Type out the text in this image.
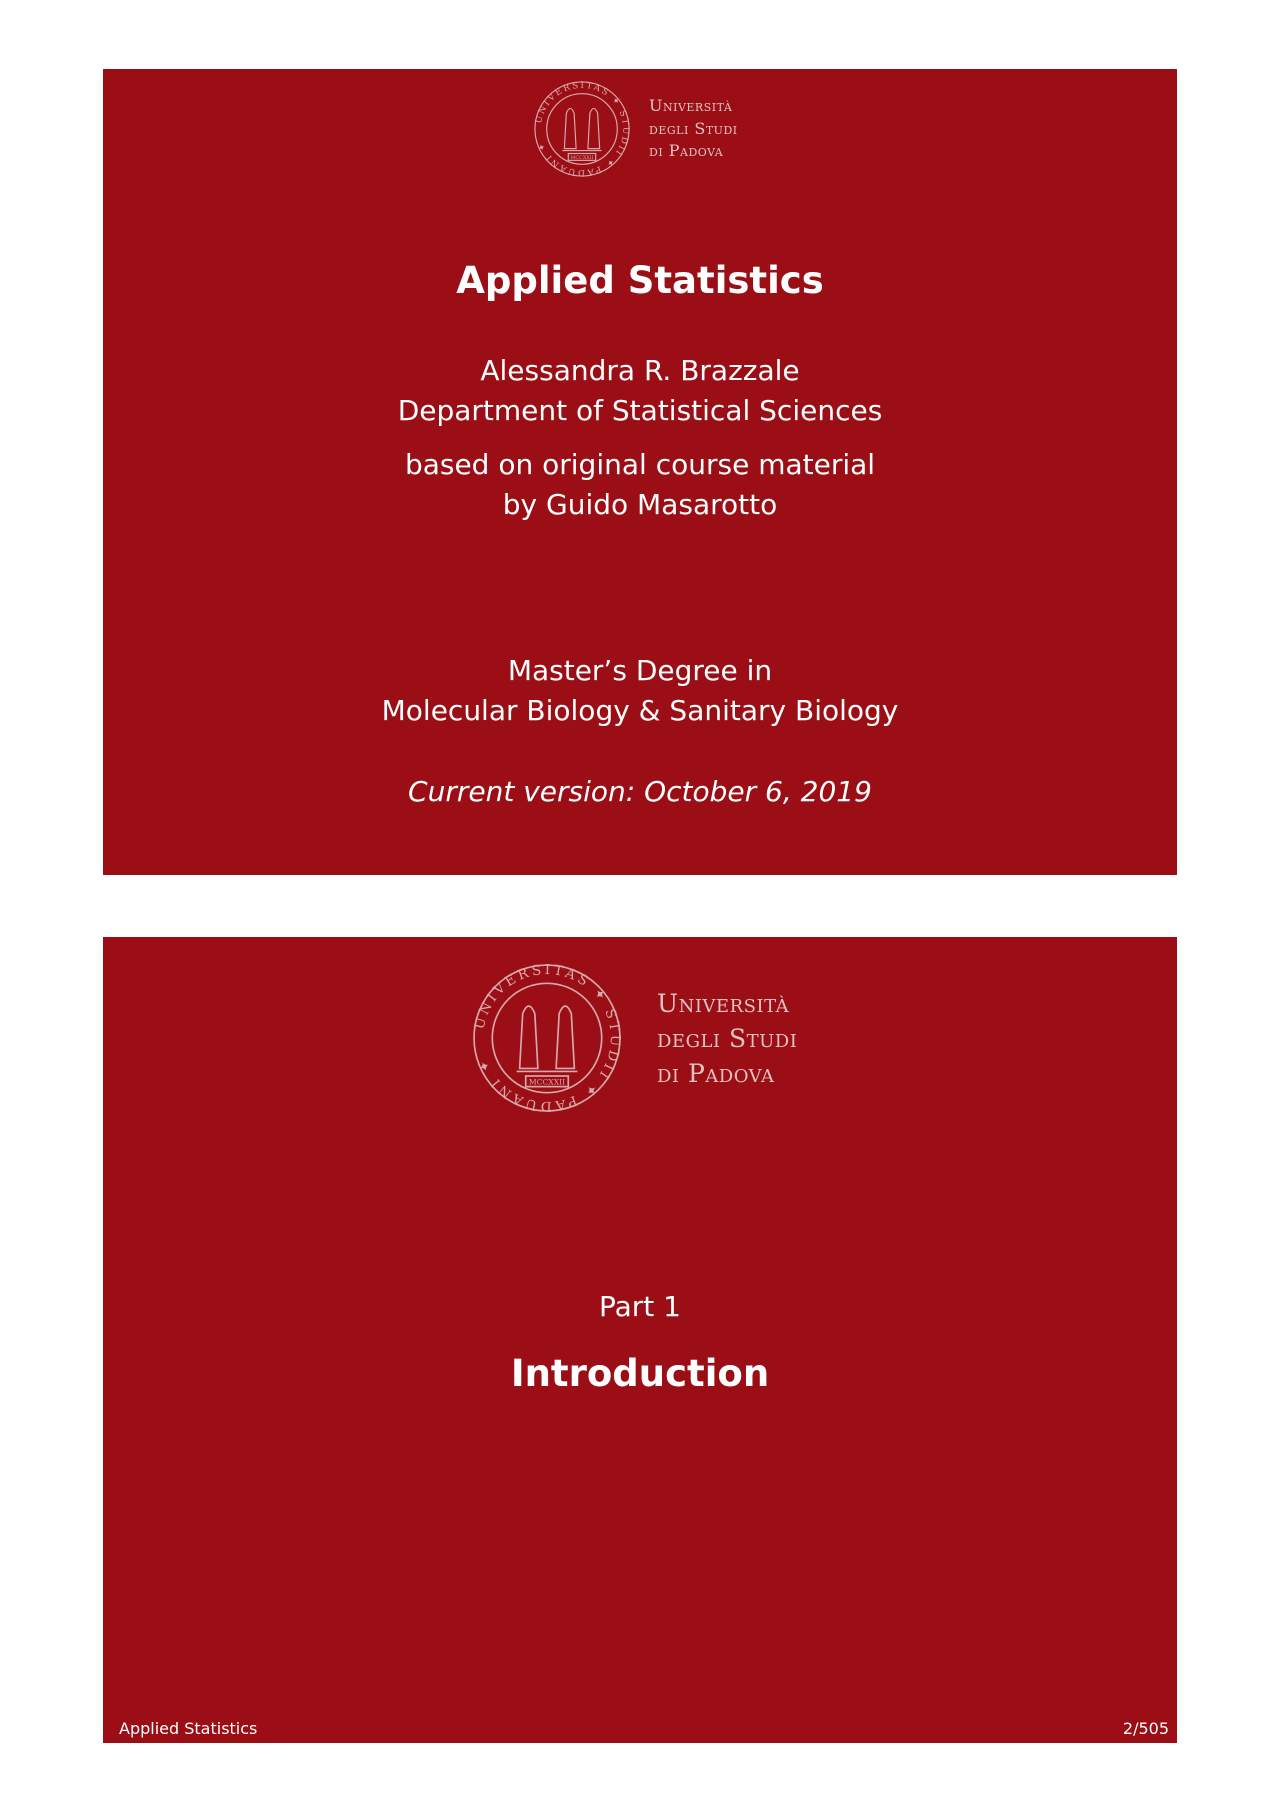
MCCXXII
UNIVERSITAS ✦ STUDII ✦ PADUANI ✦
Università
degli Studi
di Padova
Applied Statistics
Alessandra R. Brazzale
Department of Statistical Sciences
based on original course material
by Guido Masarotto
Master’s Degree in
Molecular Biology & Sanitary Biology
Current version: October 6, 2019
MCCXXII
UNIVERSITAS ✦ STUDII ✦ PADUANI ✦
Università
degli Studi
di Padova
Part 1
Introduction
Applied Statistics	2/505
